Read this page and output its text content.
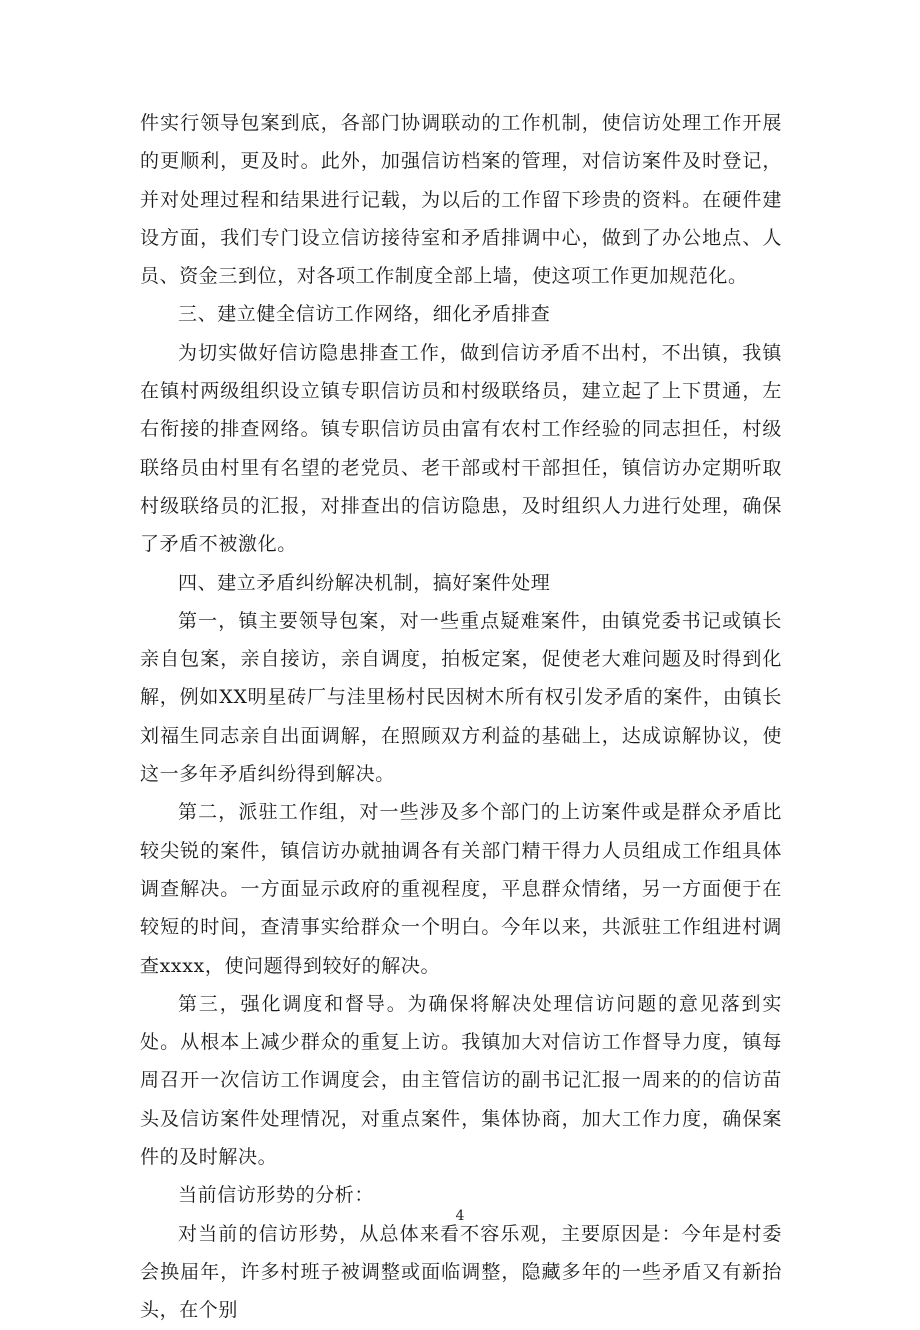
件实行领导包案到底，各部门协调联动的工作机制，使信访处理工作开展的更顺利，更及时。此外，加强信访档案的管理，对信访案件及时登记，并对处理过程和结果进行记载，为以后的工作留下珍贵的资料。在硬件建设方面，我们专门设立信访接待室和矛盾排调中心，做到了办公地点、人员、资金三到位，对各项工作制度全部上墙，使这项工作更加规范化。

三、建立健全信访工作网络，细化矛盾排查

为切实做好信访隐患排查工作，做到信访矛盾不出村，不出镇，我镇在镇村两级组织设立镇专职信访员和村级联络员，建立起了上下贯通，左右衔接的排查网络。镇专职信访员由富有农村工作经验的同志担任，村级联络员由村里有名望的老党员、老干部或村干部担任，镇信访办定期听取村级联络员的汇报，对排查出的信访隐患，及时组织人力进行处理，确保了矛盾不被激化。

四、建立矛盾纠纷解决机制，搞好案件处理

第一，镇主要领导包案，对一些重点疑难案件，由镇党委书记或镇长亲自包案，亲自接访，亲自调度，拍板定案，促使老大难问题及时得到化解，例如XX明星砖厂与洼里杨村民因树木所有权引发矛盾的案件，由镇长刘福生同志亲自出面调解，在照顾双方利益的基础上，达成谅解协议，使这一多年矛盾纠纷得到解决。

第二，派驻工作组，对一些涉及多个部门的上访案件或是群众矛盾比较尖锐的案件，镇信访办就抽调各有关部门精干得力人员组成工作组具体调查解决。一方面显示政府的重视程度，平息群众情绪，另一方面便于在较短的时间，查清事实给群众一个明白。今年以来，共派驻工作组进村调查xxxx，使问题得到较好的解决。

第三，强化调度和督导。为确保将解决处理信访问题的意见落到实处。从根本上减少群众的重复上访。我镇加大对信访工作督导力度，镇每周召开一次信访工作调度会，由主管信访的副书记汇报一周来的的信访苗头及信访案件处理情况，对重点案件，集体协商，加大工作力度，确保案件的及时解决。

当前信访形势的分析：

对当前的信访形势，从总体来看不容乐观，主要原因是：今年是村委会换届年，许多村班子被调整或面临调整，隐藏多年的一些矛盾又有新抬头，在个别

4
